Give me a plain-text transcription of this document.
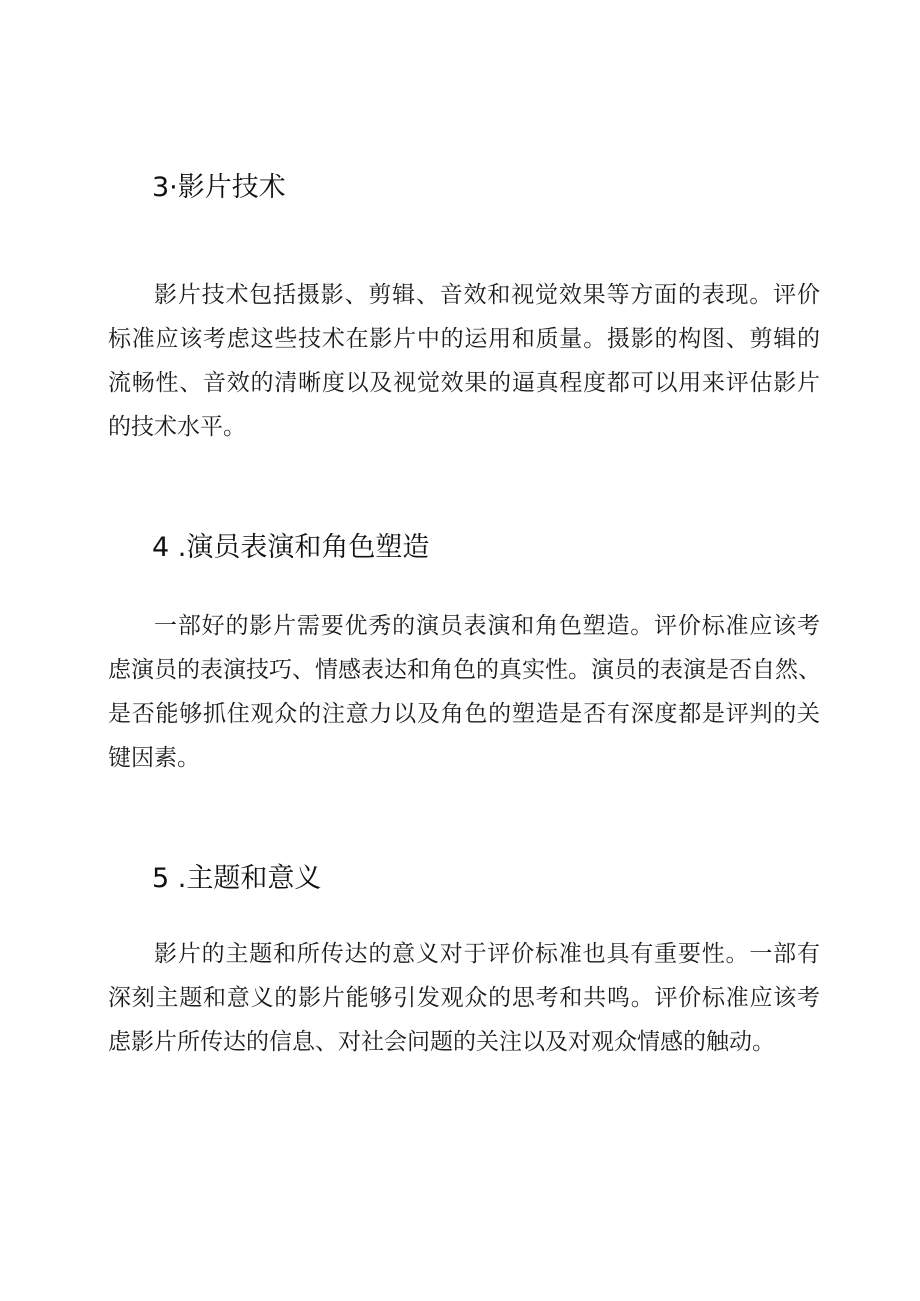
3·影片技术
影片技术包括摄影、剪辑、音效和视觉效果等方面的表现。评价
标准应该考虑这些技术在影片中的运用和质量。摄影的构图、剪辑的
流畅性、音效的清晰度以及视觉效果的逼真程度都可以用来评估影片
的技术水平。
4 .演员表演和角色塑造
一部好的影片需要优秀的演员表演和角色塑造。评价标准应该考
虑演员的表演技巧、情感表达和角色的真实性。演员的表演是否自然、
是否能够抓住观众的注意力以及角色的塑造是否有深度都是评判的关
键因素。
5 .主题和意义
影片的主题和所传达的意义对于评价标准也具有重要性。一部有
深刻主题和意义的影片能够引发观众的思考和共鸣。评价标准应该考
虑影片所传达的信息、对社会问题的关注以及对观众情感的触动。
